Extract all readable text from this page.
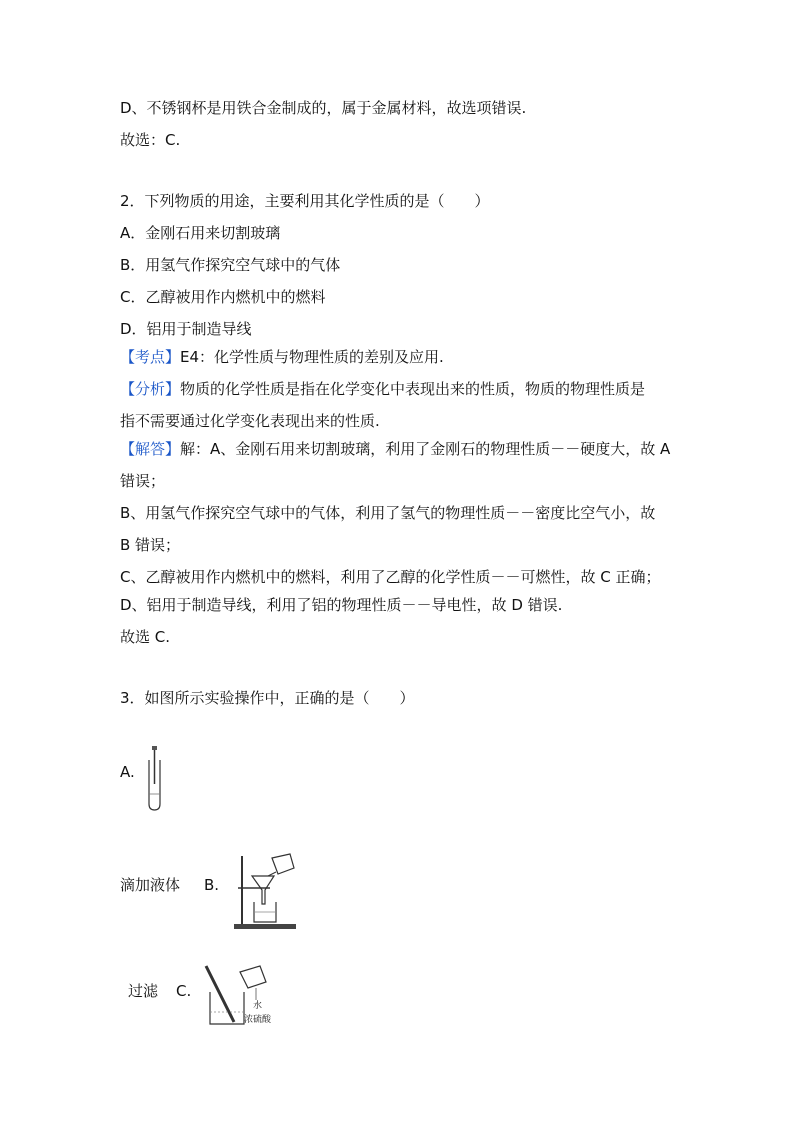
D、不锈钢杯是用铁合金制成的，属于金属材料，故选项错误.
故选：C.
2．下列物质的用途，主要利用其化学性质的是（　　）
A．金刚石用来切割玻璃
B．用氢气作探究空气球中的气体
C．乙醇被用作内燃机中的燃料
D．铝用于制造导线
【考点】E4：化学性质与物理性质的差别及应用.
【分析】物质的化学性质是指在化学变化中表现出来的性质，物质的物理性质是
指不需要通过化学变化表现出来的性质.
【解答】解：A、金刚石用来切割玻璃，利用了金刚石的物理性质－－硬度大，故 A
错误；
B、用氢气作探究空气球中的气体，利用了氢气的物理性质－－密度比空气小，故
B 错误；
C、乙醇被用作内燃机中的燃料，利用了乙醇的化学性质－－可燃性，故 C 正确；
D、铝用于制造导线，利用了铝的物理性质－－导电性，故 D 错误.
故选 C.
3．如图所示实验操作中，正确的是（　　）
A.
滴加液体 B.
过滤 C.
水
浓硫酸
